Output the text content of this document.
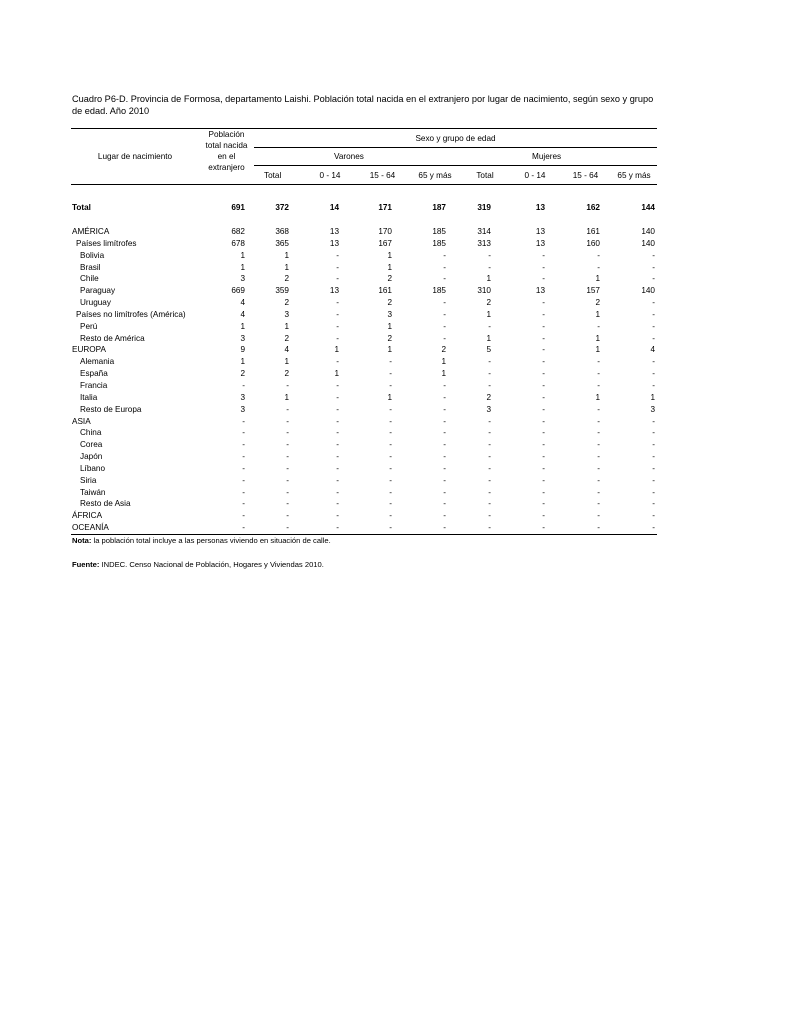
Cuadro P6-D. Provincia de Formosa, departamento Laishi. Población total nacida en el extranjero por lugar de nacimiento, según sexo y grupo de edad. Año 2010
Lugar de nacimiento	Población
total nacida
en el
extranjero	Sexo y grupo de edad							
		Varones				Mujeres			
		Total	0 - 14	15 - 64	65 y más	Total	0 - 14	15 - 64	65 y más

Total	691	372	14	171	187	319	13	162	144

AMÉRICA	682	368	13	170	185	314	13	161	140
Países limítrofes	678	365	13	167	185	313	13	160	140
Bolivia	1	1	-	1	-	-	-	-	-
Brasil	1	1	-	1	-	-	-	-	-
Chile	3	2	-	2	-	1	-	1	-
Paraguay	669	359	13	161	185	310	13	157	140
Uruguay	4	2	-	2	-	2	-	2	-
Países no limítrofes (América)	4	3	-	3	-	1	-	1	-
Perú	1	1	-	1	-	-	-	-	-
Resto de América	3	2	-	2	-	1	-	1	-
EUROPA	9	4	1	1	2	5	-	1	4
Alemania	1	1	-	-	1	-	-	-	-
España	2	2	1	-	1	-	-	-	-
Francia	-	-	-	-	-	-	-	-	-
Italia	3	1	-	1	-	2	-	1	1
Resto de Europa	3	-	-	-	-	3	-	-	3
ASIA	-	-	-	-	-	-	-	-	-
China	-	-	-	-	-	-	-	-	-
Corea	-	-	-	-	-	-	-	-	-
Japón	-	-	-	-	-	-	-	-	-
Líbano	-	-	-	-	-	-	-	-	-
Siria	-	-	-	-	-	-	-	-	-
Taiwán	-	-	-	-	-	-	-	-	-
Resto de Asia	-	-	-	-	-	-	-	-	-
ÁFRICA	-	-	-	-	-	-	-	-	-
OCEANÍA	-	-	-	-	-	-	-	-	-
Nota: la población total incluye a las personas viviendo en situación de calle.
Fuente: INDEC. Censo Nacional de Población, Hogares y Viviendas 2010.
